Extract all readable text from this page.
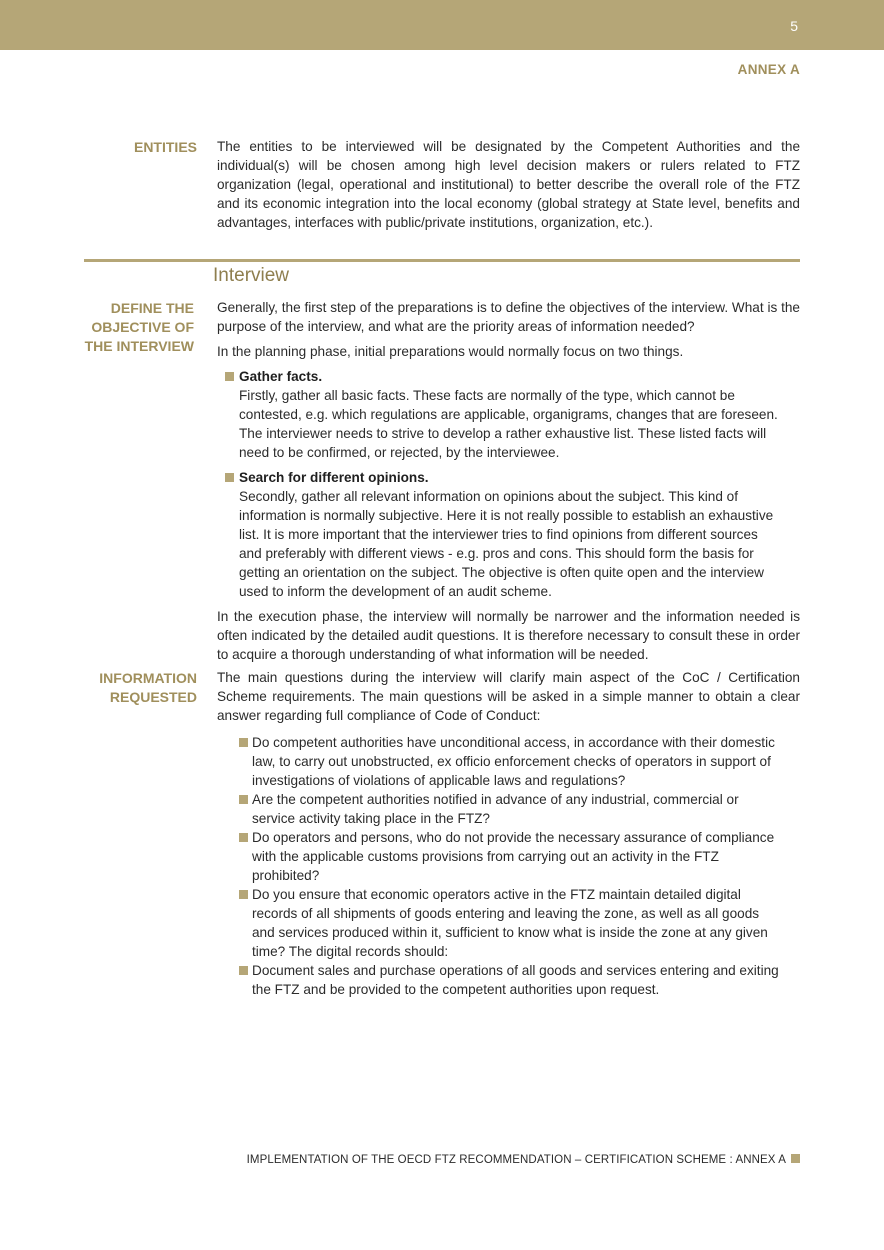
5
ANNEX A
ENTITIES The entities to be interviewed will be designated by the Competent Authorities and the individual(s) will be chosen among high level decision makers or rulers related to FTZ organization (legal, operational and institutional) to better describe the overall role of the FTZ and its economic integration into the local economy (global strategy at State level, benefits and advantages, interfaces with public/private institutions, organization, etc.).

Interview
DEFINE THE OBJECTIVE OF THE INTERVIEW

Generally, the first step of the preparations is to define the objectives of the interview. What is the purpose of the interview, and what are the priority areas of information needed?

In the planning phase, initial preparations would normally focus on two things.

Gather facts.
Firstly, gather all basic facts. These facts are normally of the type, which cannot be contested, e.g. which regulations are applicable, organigrams, changes that are foreseen. The interviewer needs to strive to develop a rather exhaustive list. These listed facts will need to be confirmed, or rejected, by the interviewee.
Search for different opinions.
Secondly, gather all relevant information on opinions about the subject. This kind of information is normally subjective. Here it is not really possible to establish an exhaustive list. It is more important that the interviewer tries to find opinions from different sources and preferably with different views - e.g. pros and cons. This should form the basis for getting an orientation on the subject. The objective is often quite open and the interview used to inform the development of an audit scheme.

In the execution phase, the interview will normally be narrower and the information needed is often indicated by the detailed audit questions. It is therefore necessary to consult these in order to acquire a thorough understanding of what information will be needed.

INFORMATION REQUESTED

The main questions during the interview will clarify main aspect of the CoC / Certification Scheme requirements. The main questions will be asked in a simple manner to obtain a clear answer regarding full compliance of Code of Conduct:

Do competent authorities have unconditional access, in accordance with their domestic law, to carry out unobstructed, ex officio enforcement checks of operators in support of investigations of violations of applicable laws and regulations?
Are the competent authorities notified in advance of any industrial, commercial or service activity taking place in the FTZ?
Do operators and persons, who do not provide the necessary assurance of compliance with the applicable customs provisions from carrying out an activity in the FTZ prohibited?
Do you ensure that economic operators active in the FTZ maintain detailed digital records of all shipments of goods entering and leaving the zone, as well as all goods and services produced within it, sufficient to know what is inside the zone at any given time? The digital records should:
Document sales and purchase operations of all goods and services entering and exiting the FTZ and be provided to the competent authorities upon request.
IMPLEMENTATION OF THE OECD FTZ RECOMMENDATION – CERTIFICATION SCHEME : ANNEX A
